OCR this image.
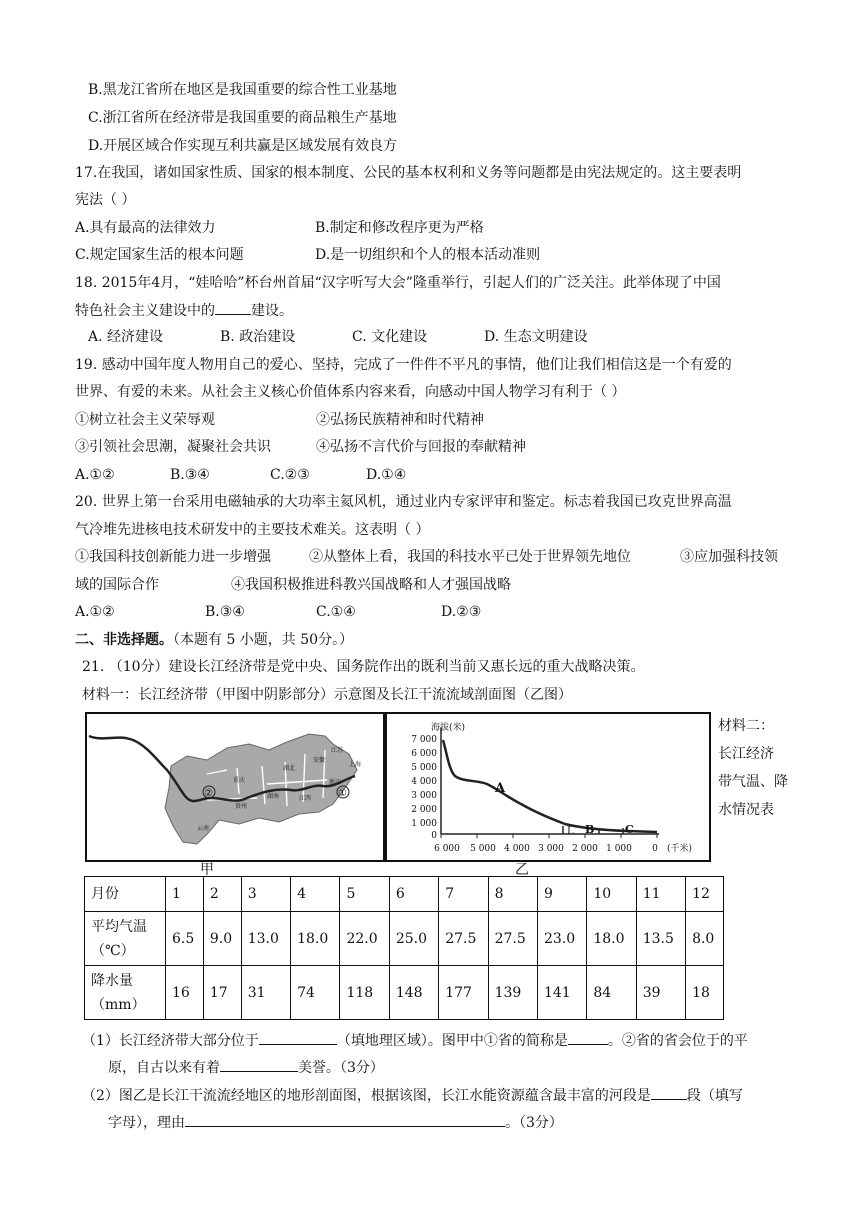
B.黑龙江省所在地区是我国重要的综合性工业基地
C.浙江省所在经济带是我国重要的商品粮生产基地
D.开展区域合作实现互利共赢是区域发展有效良方
17.在我国，诸如国家性质、国家的根本制度、公民的基本权利和义务等问题都是由宪法规定的。这主要表明
宪法（ ）
A.具有最高的法律效力	B.制定和修改程序更为严格
C.规定国家生活的根本问题	D.是一切组织和个人的根本活动准则
18. 2015年4月，“娃哈哈”杯台州首届“汉字听写大会”隆重举行，引起人们的广泛关注。此举体现了中国
特色社会主义建设中的	建设。
A. 经济建设	B. 政治建设	C. 文化建设	D. 生态文明建设
19. 感动中国年度人物用自己的爱心、坚持，完成了一件件不平凡的事情，他们让我们相信这是一个有爱的
世界、有爱的未来。从社会主义核心价值体系内容来看，向感动中国人物学习有利于（ ）
①树立社会主义荣辱观	②弘扬民族精神和时代精神
③引领社会思潮，凝聚社会共识	④弘扬不言代价与回报的奉献精神
A.①②	B.③④	C.②③	D.①④
20. 世界上第一台采用电磁轴承的大功率主氦风机，通过业内专家评审和鉴定。标志着我国已攻克世界高温
气冷堆先进核电技术研发中的主要技术难关。这表明（ ）
①我国科技创新能力进一步增强	②从整体上看，我国的科技水平已处于世界领先地位	③应加强科技领
域的国际合作	④我国积极推进科教兴国战略和人才强国战略
A.①②	B.③④	C.①④	D.②③
二、非选择题。（本题有 5 小题，共 50分。）
21. （10分）建设长江经济带是党中央、国务院作出的既利当前又惠长远的重大战略决策。
材料一：长江经济带（甲图中阴影部分）示意图及长江干流流域剖面图（乙图）
②	①
重庆
湖北
安徽
江苏
上海
湖南	江西
贵州
云南
浙江
海拔(米)
7 000
6 000
5 000
4 000
3 000
2 000
1 000
0
6 000 5 000 4 000 3 000 2 000 1 000 0 (千米)
A
L B	C
甲	乙
材料二：
长江经济
带气温、降
水情况表
月份	1	2	3	4	5	6	7	8	9	10	11	12

平均气温
（℃）	6.5	9.0	13.0	18.0	22.0	25.0	27.5	27.5	23.0	18.0	13.5	8.0

降水量
（mm）	16	17	31	74	118	148	177	139	141	84	39	18
（1）长江经济带大部分位于	（填地理区域）。图甲中①省的简称是	。②省的省会位于的平
原，自古以来有着	美誉。（3分）
（2）图乙是长江干流流经地区的地形剖面图，根据该图，长江水能资源蕴含最丰富的河段是	段（填写
字母），理由	。（3分）
